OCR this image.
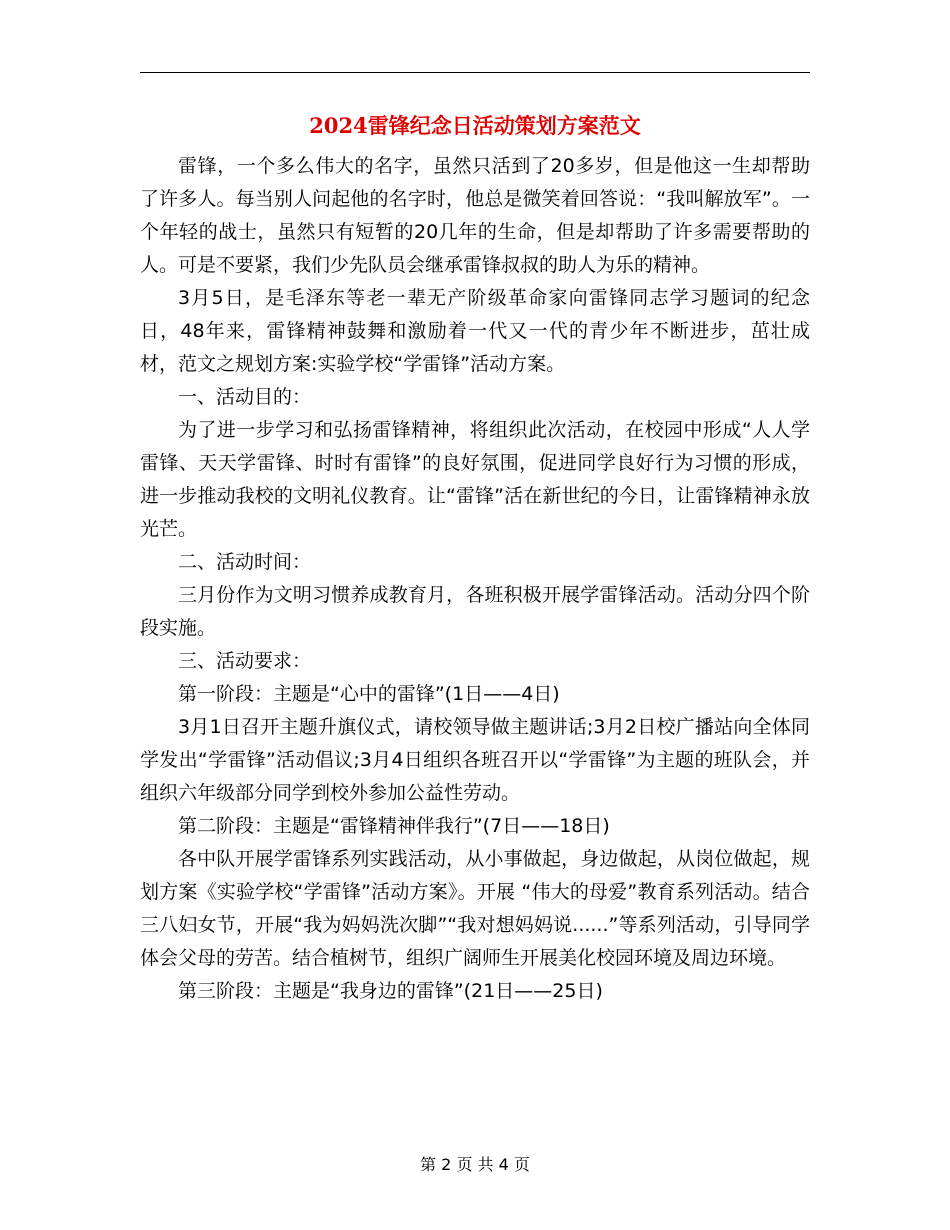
2024雷锋纪念日活动策划方案范文

雷锋，一个多么伟大的名字，虽然只活到了20多岁，但是他这一生却帮助了许多人。每当别人问起他的名字时，他总是微笑着回答说：“我叫解放军”。一个年轻的战士，虽然只有短暂的20几年的生命，但是却帮助了许多需要帮助的人。可是不要紧，我们少先队员会继承雷锋叔叔的助人为乐的精神。

3月5日，是毛泽东等老一辈无产阶级革命家向雷锋同志学习题词的纪念日，48年来，雷锋精神鼓舞和激励着一代又一代的青少年不断进步，茁壮成材，范文之规划方案:实验学校“学雷锋”活动方案。

一、活动目的：

为了进一步学习和弘扬雷锋精神，将组织此次活动，在校园中形成“人人学雷锋、天天学雷锋、时时有雷锋”的良好氛围，促进同学良好行为习惯的形成，进一步推动我校的文明礼仪教育。让“雷锋”活在新世纪的今日，让雷锋精神永放光芒。

二、活动时间：

三月份作为文明习惯养成教育月，各班积极开展学雷锋活动。活动分四个阶段实施。

三、活动要求：

第一阶段：主题是“心中的雷锋”(1日——4日)

3月1日召开主题升旗仪式，请校领导做主题讲话;3月2日校广播站向全体同学发出“学雷锋”活动倡议;3月4日组织各班召开以“学雷锋”为主题的班队会，并组织六年级部分同学到校外参加公益性劳动。

第二阶段：主题是“雷锋精神伴我行”(7日——18日)

各中队开展学雷锋系列实践活动，从小事做起，身边做起，从岗位做起，规划方案《实验学校“学雷锋”活动方案》。开展 “伟大的母爱”教育系列活动。结合三八妇女节，开展“我为妈妈洗次脚”“我对想妈妈说......”等系列活动，引导同学体会父母的劳苦。结合植树节，组织广阔师生开展美化校园环境及周边环境。

第三阶段：主题是“我身边的雷锋”(21日——25日)

第 2 页 共 4 页
